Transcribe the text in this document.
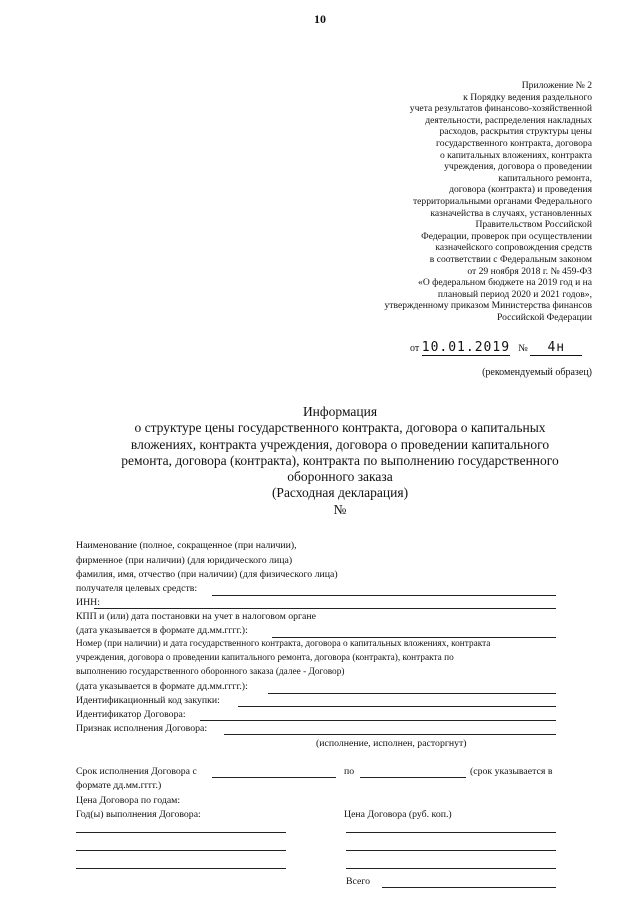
10
Приложение № 2
к Порядку ведения раздельного
учета результатов финансово-хозяйственной
деятельности, распределения накладных
расходов, раскрытия структуры цены
государственного контракта, договора
о капитальных вложениях, контракта
учреждения, договора о проведении
капитального ремонта,
договора (контракта) и проведения
территориальными органами Федерального
казначейства в случаях, установленных
Правительством Российской
Федерации, проверок при осуществлении
казначейского сопровождения средств
в соответствии с Федеральным законом
от 29 ноября 2018 г. № 459-ФЗ
«О федеральном бюджете на 2019 год и на
плановый период 2020 и 2021 годов»,
утвержденному приказом Министерства финансов
Российской Федерации
от 10.01.2019 № 4н
(рекомендуемый образец)
Информация
о структуре цены государственного контракта, договора о капитальных
вложениях, контракта учреждения, договора о проведении капитального
ремонта, договора (контракта), контракта по выполнению государственного
оборонного заказа
(Расходная декларация)
№
Наименование (полное, сокращенное (при наличии),
фирменное (при наличии) (для юридического лица)
фамилия, имя, отчество (при наличии) (для физического лица)
получателя целевых средств:
ИНН:
КПП и (или) дата постановки на учет в налоговом органе
(дата указывается в формате дд.мм.гггг.):
Номер (при наличии) и дата государственного контракта, договора о капитальных вложениях, контракта
учреждения, договора о проведении капитального ремонта, договора (контракта), контракта по
выполнению государственного оборонного заказа (далее - Договор)
(дата указывается в формате дд.мм.гггг.):
Идентификационный код закупки:
Идентификатор Договора:
Признак исполнения Договора:
(исполнение, исполнен, расторгнут)
Срок исполнения Договора с	по	(срок указывается в
формате дд.мм.гггг.)
Цена Договора по годам:
Год(ы) выполнения Договора:	Цена Договора (руб. коп.)
Всего
